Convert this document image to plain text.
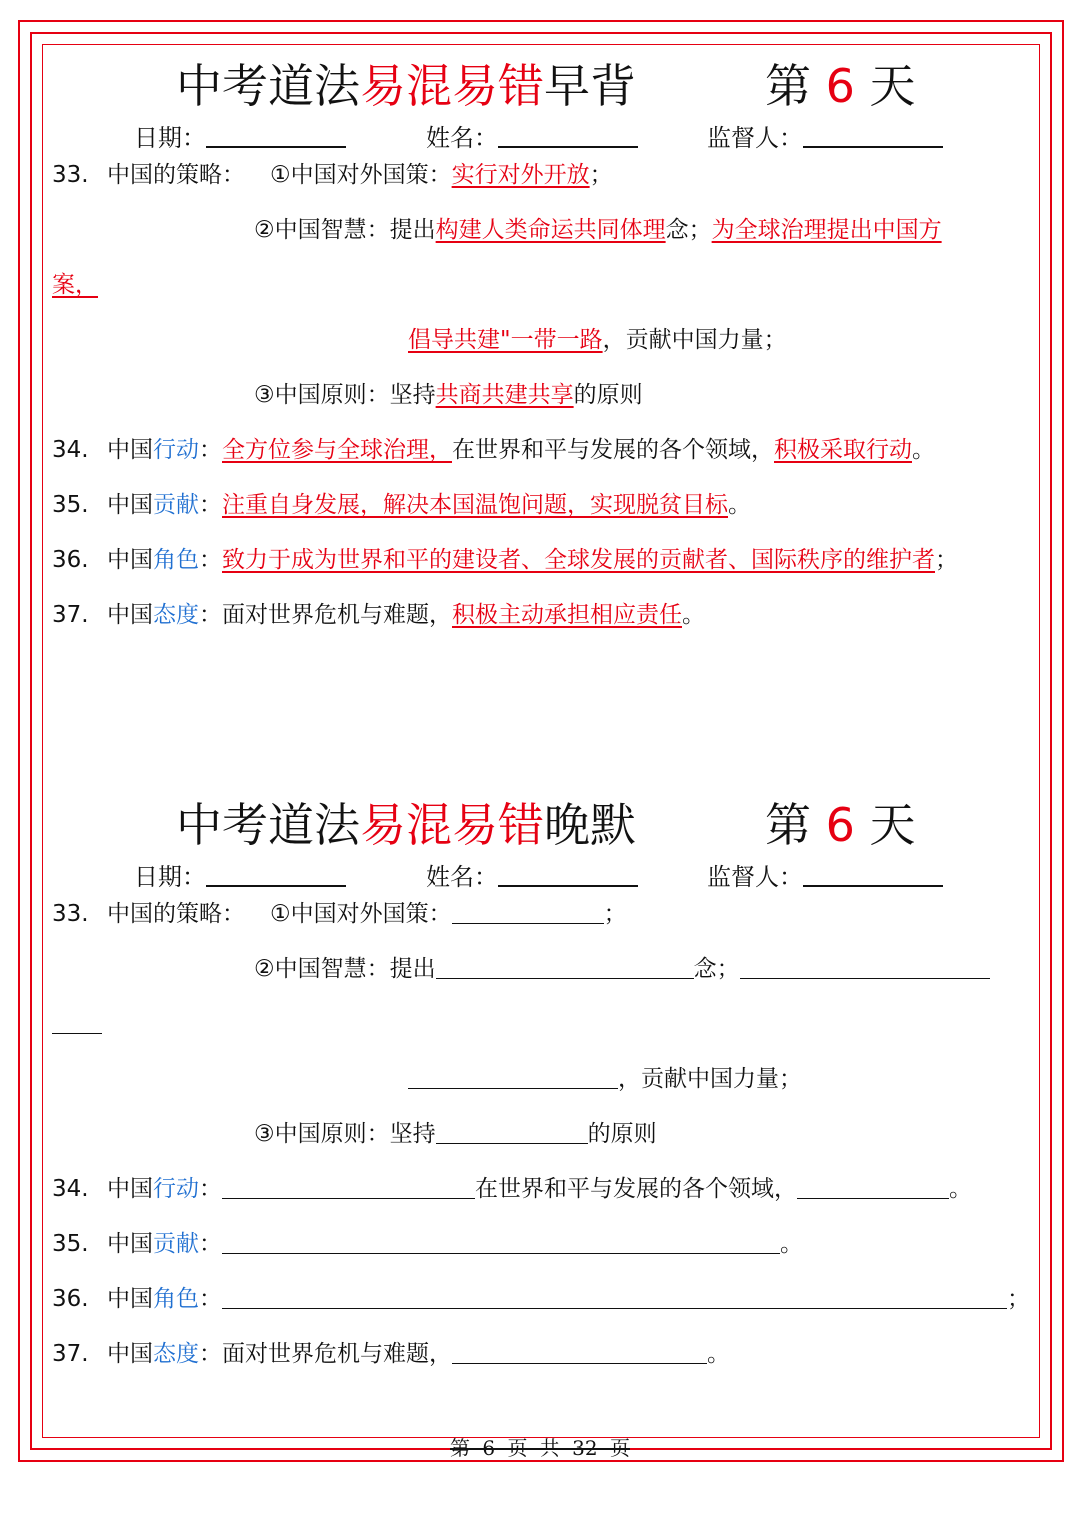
中考道法易混易错早背	第 6 天
日期：	姓名：	监督人：
33. 中国的策略： ①中国对外国策：实行对外开放；
②中国智慧：提出构建人类命运共同体理念；为全球治理提出中国方
案，
倡导共建"一带一路，贡献中国力量；
③中国原则：坚持共商共建共享的原则
34. 中国行动：全方位参与全球治理，在世界和平与发展的各个领域，积极采取行动。
35. 中国贡献：注重自身发展，解决本国温饱问题，实现脱贫目标。
36. 中国角色：致力于成为世界和平的建设者、全球发展的贡献者、国际秩序的维护者；
37. 中国态度：面对世界危机与难题，积极主动承担相应责任。
中考道法易混易错晚默	第 6 天
日期：	姓名：	监督人：
33. 中国的策略： ①中国对外国策：	；
②中国智慧：提出	念；
，贡献中国力量；
③中国原则：坚持	的原则
34. 中国行动：	在世界和平与发展的各个领域，	。
35. 中国贡献：	。
36. 中国角色：	；
37. 中国态度：面对世界危机与难题，	。
第 6 页 共 32 页
